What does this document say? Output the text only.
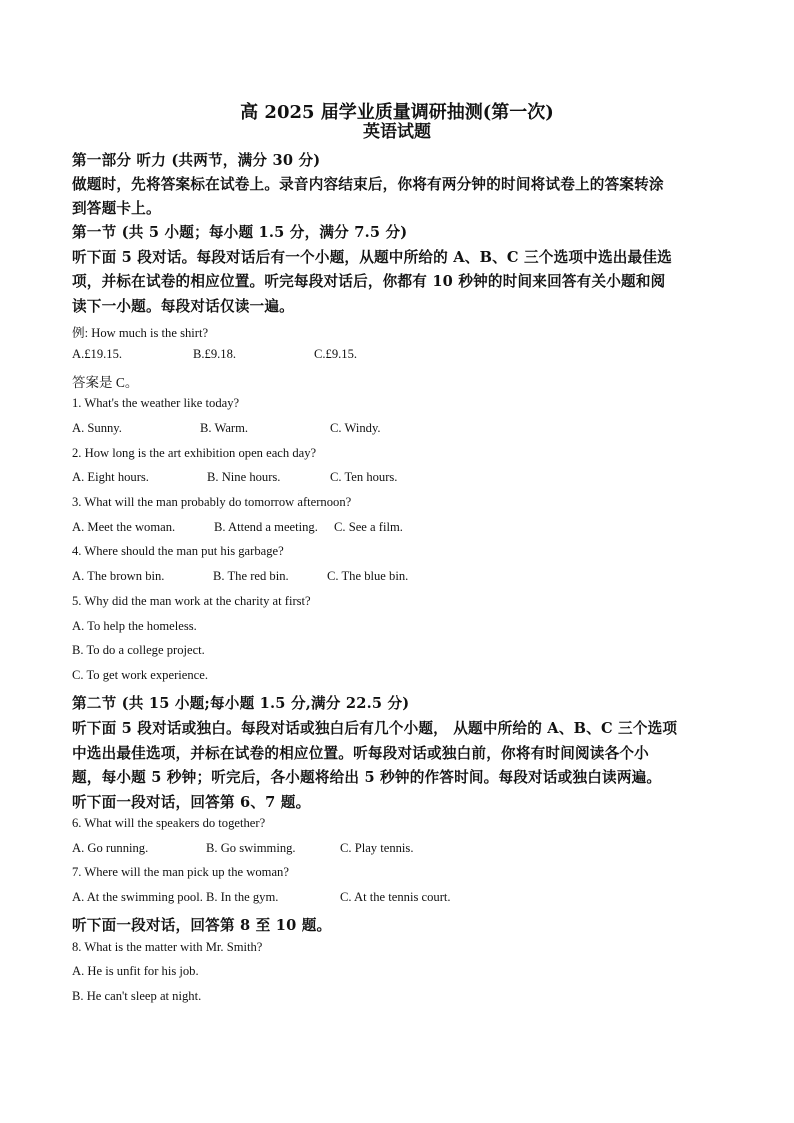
高 2025 届学业质量调研抽测(第一次)
英语试题
第一部分 听力 (共两节，满分 30 分)
做题时，先将答案标在试卷上。录音内容结束后，你将有两分钟的时间将试卷上的答案转涂
到答题卡上。
第一节 (共 5 小题；每小题 1.5 分，满分 7.5 分)
听下面 5 段对话。每段对话后有一个小题，从题中所给的 A、B、C 三个选项中选出最佳选
项，并标在试卷的相应位置。听完每段对话后，你都有 10 秒钟的时间来回答有关小题和阅
读下一小题。每段对话仅读一遍。
例: How much is the shirt?
A.£19.15.	B.£9.18.	C.£9.15.
答案是 C。
1. What's the weather like today?
A. Sunny.	B. Warm.	C. Windy.
2. How long is the art exhibition open each day?
A. Eight hours.	B. Nine hours.	C. Ten hours.
3. What will the man probably do tomorrow afternoon?
A. Meet the woman.	B. Attend a meeting. C. See a film.
4. Where should the man put his garbage?
A. The brown bin.	B. The red bin.	C. The blue bin.
5. Why did the man work at the charity at first?
A. To help the homeless.
B. To do a college project.
C. To get work experience.
第二节 (共 15 小题;每小题 1.5 分,满分 22.5 分)
听下面 5 段对话或独白。每段对话或独白后有几个小题， 从题中所给的 A、B、C 三个选项
中选出最佳选项，并标在试卷的相应位置。听每段对话或独白前，你将有时间阅读各个小
题，每小题 5 秒钟；听完后，各小题将给出 5 秒钟的作答时间。每段对话或独白读两遍。
听下面一段对话，回答第 6、7 题。
6. What will the speakers do together?
A. Go running.	B. Go swimming.	C. Play tennis.
7. Where will the man pick up the woman?
A. At the swimming pool. B. In the gym.	C. At the tennis court.
听下面一段对话，回答第 8 至 10 题。
8. What is the matter with Mr. Smith?
A. He is unfit for his job.
B. He can't sleep at night.
